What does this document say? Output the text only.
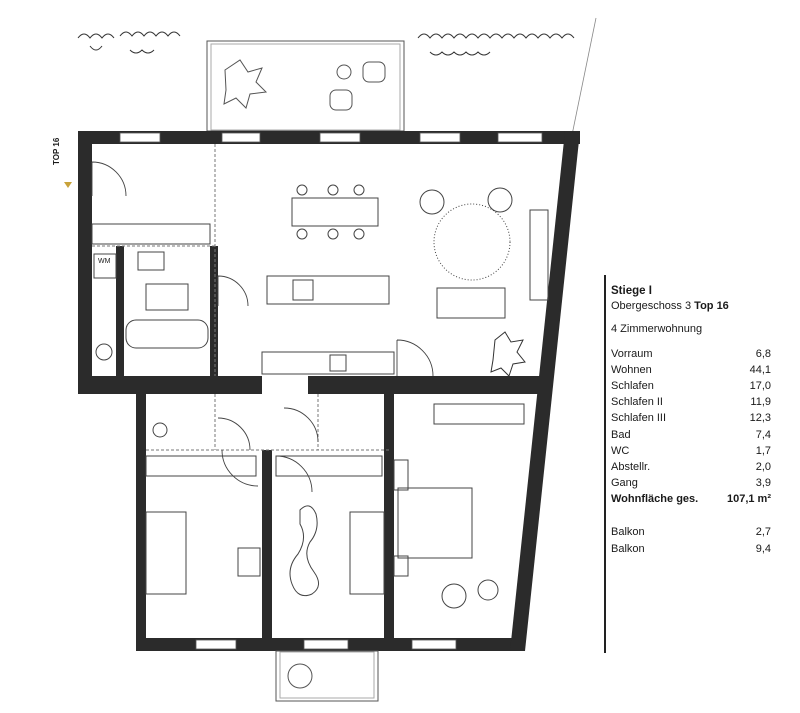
TOP 16
WM
Stiege I
Obergeschoss 3 Top 16
4 Zimmerwohnung
Vorraum	6,8
Wohnen	44,1
Schlafen	17,0
Schlafen II	11,9
Schlafen III	12,3
Bad	7,4
WC	1,7
Abstellr.	2,0
Gang	3,9
Wohnfläche ges.	107,1 m²
Balkon	2,7
Balkon	9,4
